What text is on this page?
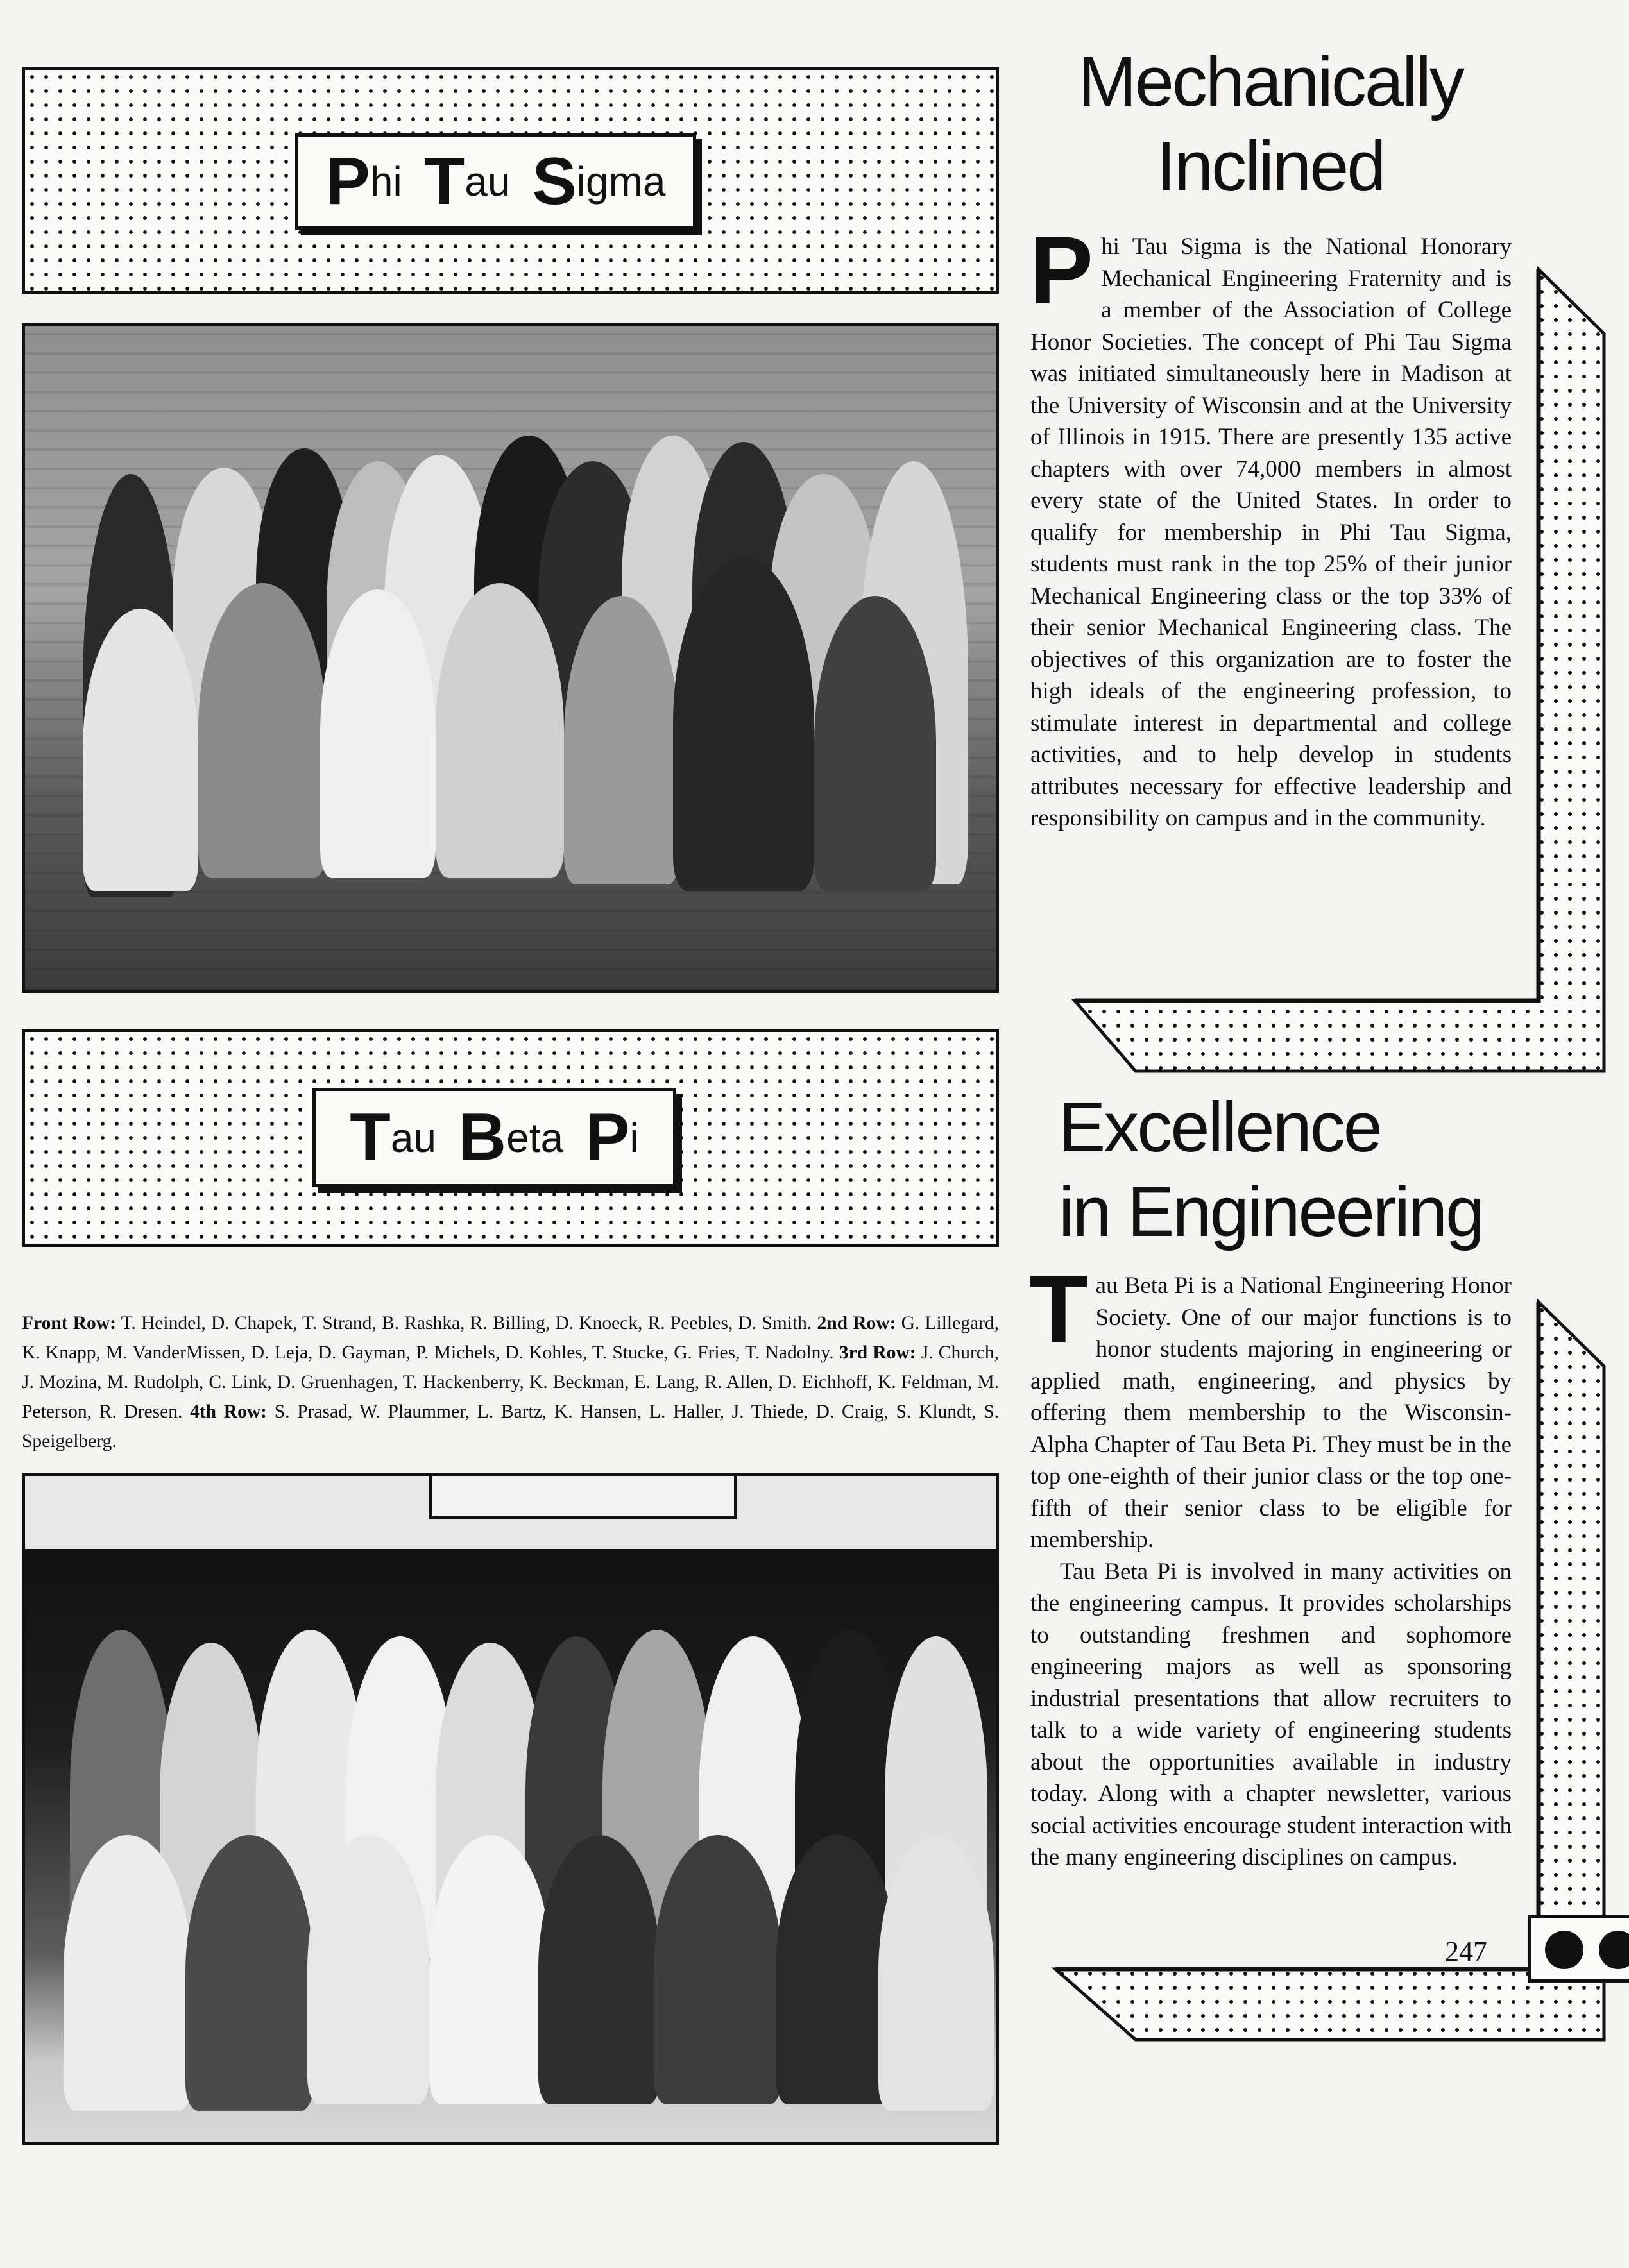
P hi T au S igma
Mechanically
Inclined
P hi Tau Sigma is the National Honorary Mechanical Engineering Fraternity and is a member of the Association of College Honor Societies. The concept of Phi Tau Sigma was initiated simultaneously here in Madison at the University of Wisconsin and at the University of Illinois in 1915. There are presently 135 active chapters with over 74,000 members in almost every state of the United States. In order to qualify for membership in Phi Tau Sigma, students must rank in the top 25% of their junior Mechanical Engineering class or the top 33% of their senior Mechanical Engineering class. The objectives of this organization are to foster the high ideals of the engineering profession, to stimulate interest in departmental and college activities, and to help develop in students attributes necessary for effective leadership and responsibility on campus and in the community.
T au B eta P i
Front Row: T. Heindel, D. Chapek, T. Strand, B. Rashka, R. Billing, D. Knoeck, R. Peebles, D. Smith. 2nd Row: G. Lillegard, K. Knapp, M. VanderMissen, D. Leja, D. Gayman, P. Michels, D. Kohles, T. Stucke, G. Fries, T. Nadolny. 3rd Row: J. Church, J. Mozina, M. Rudolph, C. Link, D. Gruenhagen, T. Hackenberry, K. Beckman, E. Lang, R. Allen, D. Eichhoff, K. Feldman, M. Peterson, R. Dresen. 4th Row: S. Prasad, W. Plaummer, L. Bartz, K. Hansen, L. Haller, J. Thiede, D. Craig, S. Klundt, S. Speigelberg.
Excellence
in Engineering
T au Beta Pi is a National Engineering Honor Society. One of our major functions is to honor students majoring in engineering or applied math, engineering, and physics by offering them membership to the Wisconsin-Alpha Chapter of Tau Beta Pi. They must be in the top one-eighth of their junior class or the top one-fifth of their senior class to be eligible for membership.

Tau Beta Pi is involved in many activities on the engineering campus. It provides scholarships to outstanding freshmen and sophomore engineering majors as well as sponsoring industrial presentations that allow recruiters to talk to a wide variety of engineering students about the opportunities available in industry today. Along with a chapter newsletter, various social activities encourage student interaction with the many engineering disciplines on campus.

247
